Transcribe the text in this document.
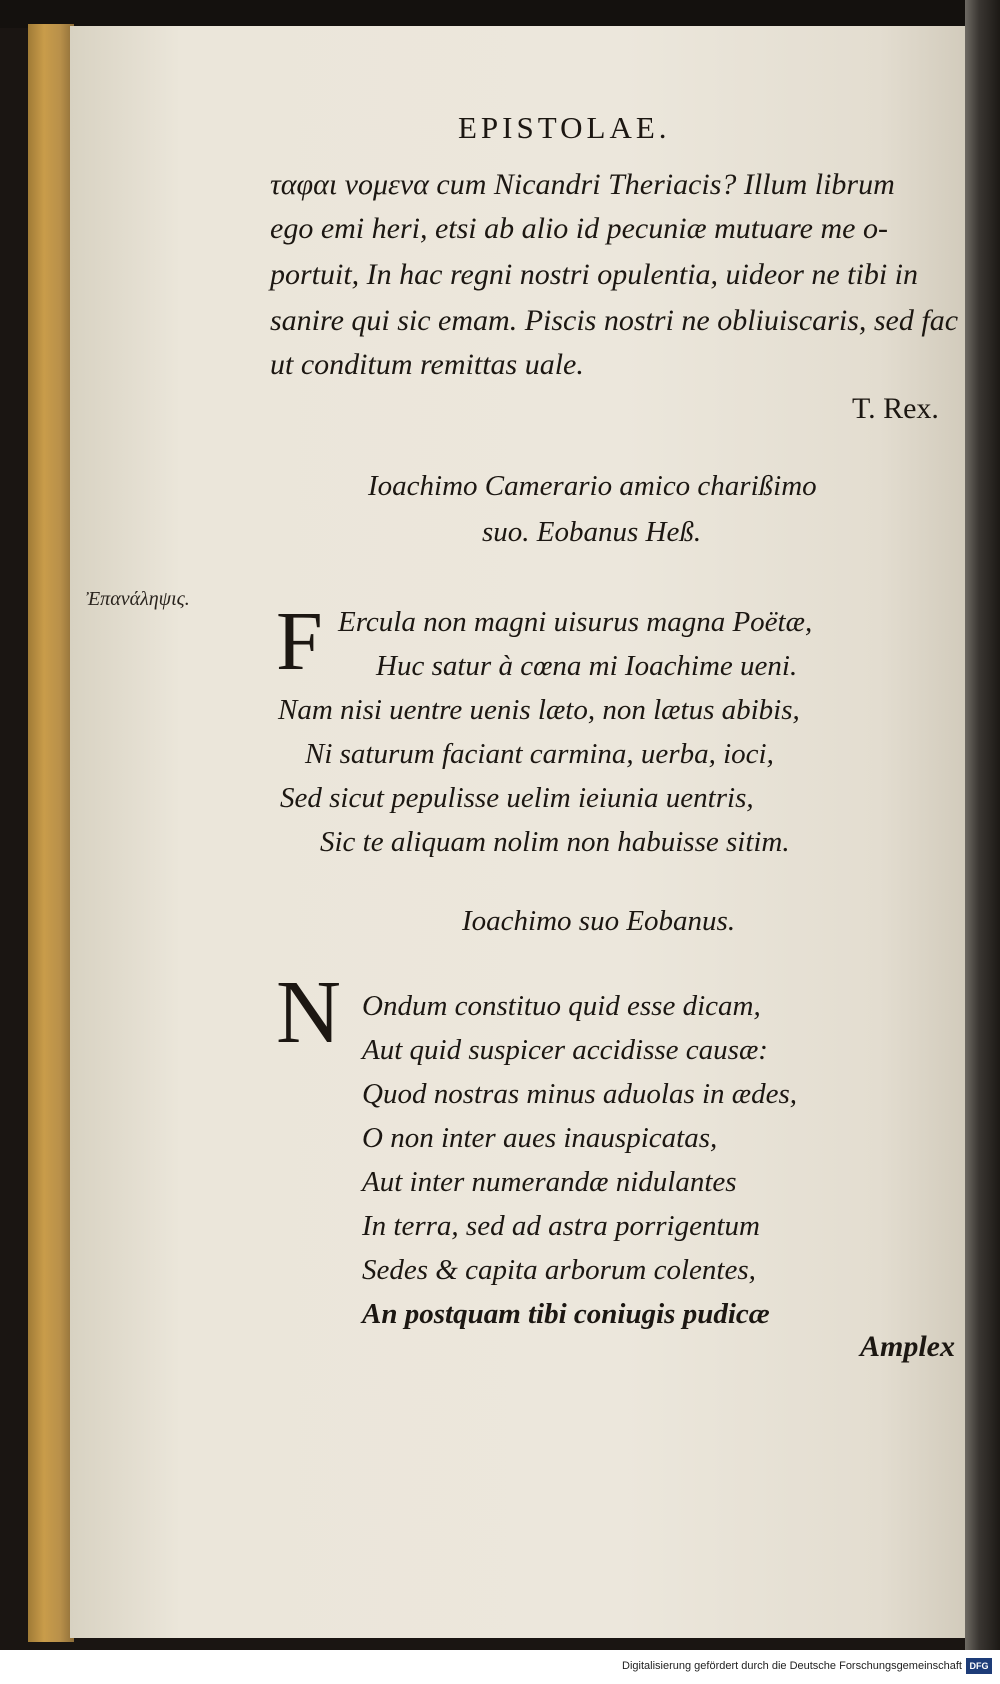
EPISTOLAE.
ταφαι νομενα cum Nicandri Theriacis? Illum librum
ego emi heri, etsi ab alio id pecuniæ mutuare me o-
portuit, In hac regni nostri opulentia, uideor ne tibi in
sanire qui sic emam. Piscis nostri ne obliuiscaris, sed fac
ut conditum remittas uale.
T. Rex.
Ioachimo Camerario amico charißimo
suo. Eobanus Heß.
Ἐπανάληψις. F Ercula non magni uisurus magna Poëtæ,
Huc satur à cœna mi Ioachime ueni.
Nam nisi uentre uenis læto, non lætus abibis,
Ni saturum faciant carmina, uerba, ioci,
Sed sicut pepulisse uelim ieiunia uentris,
Sic te aliquam nolim non habuisse sitim.
Ioachimo suo Eobanus.
N Ondum constituo quid esse dicam,
Aut quid suspicer accidisse causæ:
Quod nostras minus aduolas in ædes,
O non inter aues inauspicatas,
Aut inter numerandæ nidulantes
In terra, sed ad astra porrigentum
Sedes & capita arborum colentes,
An postquam tibi coniugis pudicæ
Amplex
Digitalisierung gefördert durch die Deutsche Forschungsgemeinschaft DFG
